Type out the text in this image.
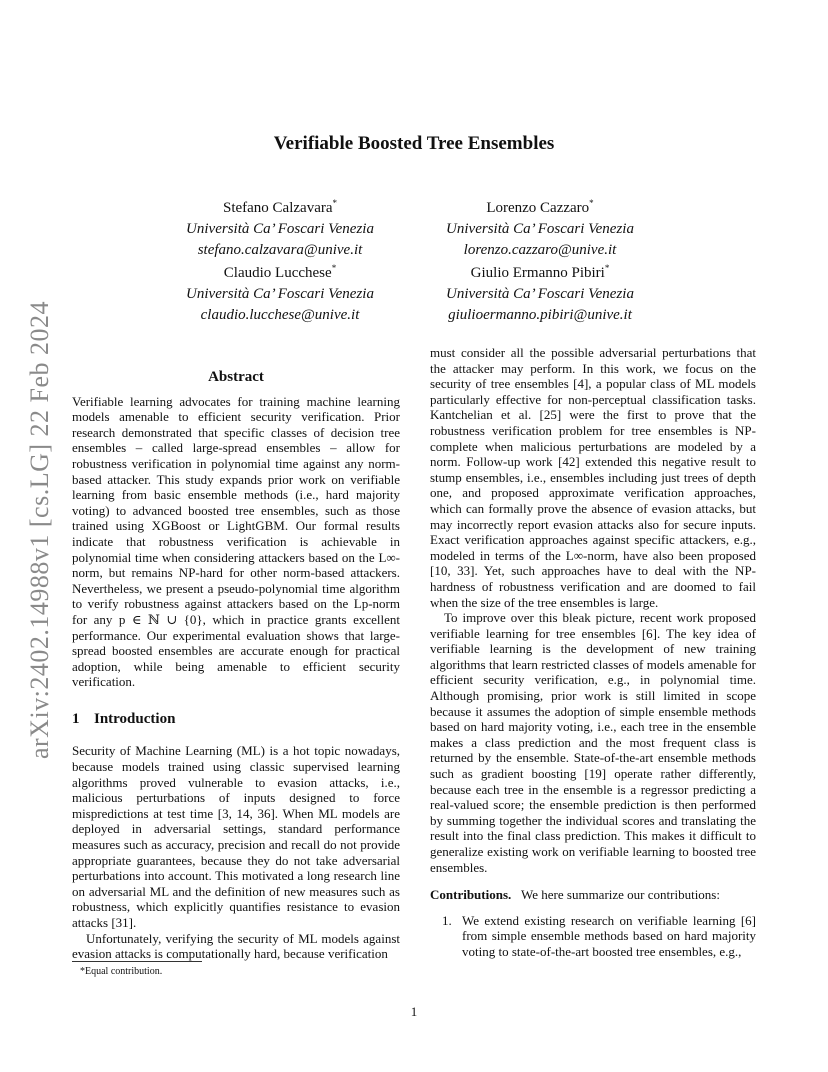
arXiv:2402.14988v1 [cs.LG] 22 Feb 2024
Verifiable Boosted Tree Ensembles
Stefano Calzavara*
Università Ca’ Foscari Venezia
stefano.calzavara@unive.it
Lorenzo Cazzaro*
Università Ca’ Foscari Venezia
lorenzo.cazzaro@unive.it
Claudio Lucchese*
Università Ca’ Foscari Venezia
claudio.lucchese@unive.it
Giulio Ermanno Pibiri*
Università Ca’ Foscari Venezia
giulioermanno.pibiri@unive.it
Abstract

Verifiable learning advocates for training machine learning models amenable to efficient security verification. Prior research demonstrated that specific classes of decision tree ensembles – called large-spread ensembles – allow for robustness verification in polynomial time against any norm-based attacker. This study expands prior work on verifiable learning from basic ensemble methods (i.e., hard majority voting) to advanced boosted tree ensembles, such as those trained using XGBoost or LightGBM. Our formal results indicate that robustness verification is achievable in polynomial time when considering attackers based on the L∞-norm, but remains NP-hard for other norm-based attackers. Nevertheless, we present a pseudo-polynomial time algorithm to verify robustness against attackers based on the Lp-norm for any p ∈ ℕ ∪ {0}, which in practice grants excellent performance. Our experimental evaluation shows that large-spread boosted ensembles are accurate enough for practical adoption, while being amenable to efficient security verification.

1 Introduction

Security of Machine Learning (ML) is a hot topic nowadays, because models trained using classic supervised learning algorithms proved vulnerable to evasion attacks, i.e., malicious perturbations of inputs designed to force mispredictions at test time [3, 14, 36]. When ML models are deployed in adversarial settings, standard performance measures such as accuracy, precision and recall do not provide appropriate guarantees, because they do not take adversarial perturbations into account. This motivated a long research line on adversarial ML and the definition of new measures such as robustness, which explicitly quantifies resistance to evasion attacks [31].

Unfortunately, verifying the security of ML models against evasion attacks is computationally hard, because verification

*Equal contribution.

must consider all the possible adversarial perturbations that the attacker may perform. In this work, we focus on the security of tree ensembles [4], a popular class of ML models particularly effective for non-perceptual classification tasks. Kantchelian et al. [25] were the first to prove that the robustness verification problem for tree ensembles is NP-complete when malicious perturbations are modeled by a norm. Follow-up work [42] extended this negative result to stump ensembles, i.e., ensembles including just trees of depth one, and proposed approximate verification approaches, which can formally prove the absence of evasion attacks, but may incorrectly report evasion attacks also for secure inputs. Exact verification approaches against specific attackers, e.g., modeled in terms of the L∞-norm, have also been proposed [10, 33]. Yet, such approaches have to deal with the NP-hardness of robustness verification and are doomed to fail when the size of the tree ensembles is large.

To improve over this bleak picture, recent work proposed verifiable learning for tree ensembles [6]. The key idea of verifiable learning is the development of new training algorithms that learn restricted classes of models amenable for efficient security verification, e.g., in polynomial time. Although promising, prior work is still limited in scope because it assumes the adoption of simple ensemble methods based on hard majority voting, i.e., each tree in the ensemble makes a class prediction and the most frequent class is returned by the ensemble. State-of-the-art ensemble methods such as gradient boosting [19] operate rather differently, because each tree in the ensemble is a regressor predicting a real-valued score; the ensemble prediction is then performed by summing together the individual scores and translating the result into the final class prediction. This makes it difficult to generalize existing work on verifiable learning to boosted tree ensembles.

Contributions. We here summarize our contributions:

1. We extend existing research on verifiable learning [6] from simple ensemble methods based on hard majority voting to state-of-the-art boosted tree ensembles, e.g.,
1
